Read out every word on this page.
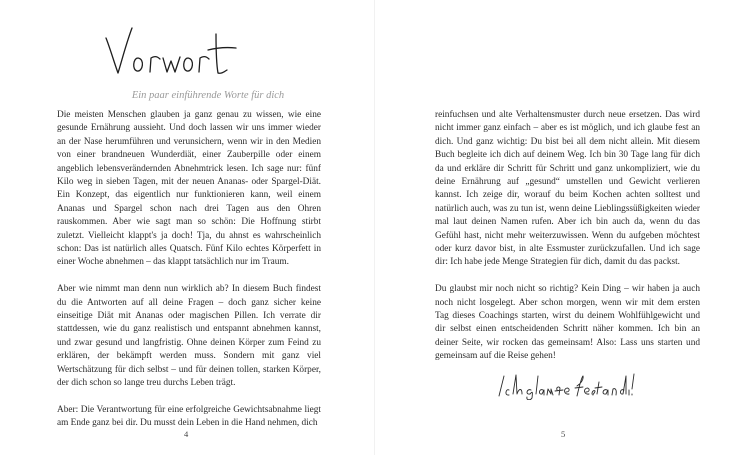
Ein paar einführende Worte für dich

Die meisten Menschen glauben ja ganz genau zu wissen, wie eine gesunde Ernährung aussieht. Und doch lassen wir uns immer wieder an der Nase herumführen und verunsichern, wenn wir in den Medien von einer brandneuen Wunderdiät, einer Zauberpille oder einem angeblich lebensverändernden Abnehmtrick lesen. Ich sage nur: fünf Kilo weg in sieben Tagen, mit der neuen Ananas- oder Spargel-Diät. Ein Konzept, das eigentlich nur funktionieren kann, weil einem Ananas und Spargel schon nach drei Tagen aus den Ohren rauskommen. Aber wie sagt man so schön: Die Hoffnung stirbt zuletzt. Vielleicht klappt's ja doch! Tja, du ahnst es wahrscheinlich schon: Das ist natürlich alles Quatsch. Fünf Kilo echtes Körperfett in einer Woche abnehmen – das klappt tatsächlich nur im Traum.

Aber wie nimmt man denn nun wirklich ab? In diesem Buch findest du die Antworten auf all deine Fragen – doch ganz sicher keine einseitige Diät mit Ananas oder magischen Pillen. Ich verrate dir stattdessen, wie du ganz realistisch und entspannt abnehmen kannst, und zwar gesund und langfristig. Ohne deinen Körper zum Feind zu erklären, der bekämpft werden muss. Sondern mit ganz viel Wertschätzung für dich selbst – und für deinen tollen, starken Körper, der dich schon so lange treu durchs Leben trägt.

Aber: Die Verantwortung für eine erfolgreiche Gewichtsabnahme liegt am Ende ganz bei dir. Du musst dein Leben in die Hand nehmen, dich

4

reinfuchsen und alte Verhaltensmuster durch neue ersetzen. Das wird nicht immer ganz einfach – aber es ist möglich, und ich glaube fest an dich. Und ganz wichtig: Du bist bei all dem nicht allein. Mit diesem Buch begleite ich dich auf deinem Weg. Ich bin 30 Tage lang für dich da und erkläre dir Schritt für Schritt und ganz unkompliziert, wie du deine Ernährung auf „gesund“ umstellen und Gewicht verlieren kannst. Ich zeige dir, worauf du beim Kochen achten solltest und natürlich auch, was zu tun ist, wenn deine Lieblingssüßigkeiten wieder mal laut deinen Namen rufen. Aber ich bin auch da, wenn du das Gefühl hast, nicht mehr weiterzuwissen. Wenn du aufgeben möchtest oder kurz davor bist, in alte Essmuster zurückzufallen. Und ich sage dir: Ich habe jede Menge Strategien für dich, damit du das packst.

Du glaubst mir noch nicht so richtig? Kein Ding – wir haben ja auch noch nicht losgelegt. Aber schon morgen, wenn wir mit dem ersten Tag dieses Coachings starten, wirst du deinem Wohlfühlgewicht und dir selbst einen entscheidenden Schritt näher kommen. Ich bin an deiner Seite, wir rocken das gemeinsam! Also: Lass uns starten und gemeinsam auf die Reise gehen!

5
